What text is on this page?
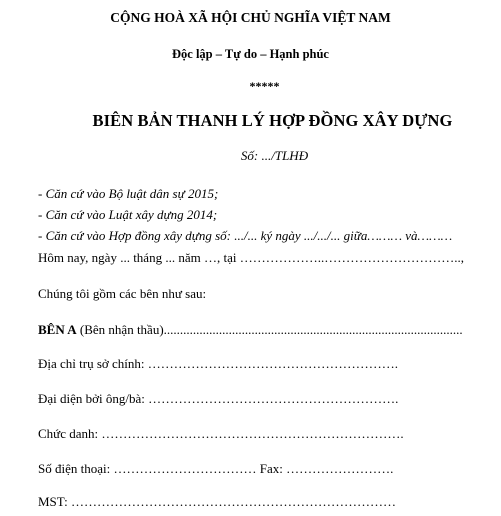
CỘNG HOÀ XÃ HỘI CHỦ NGHĨA VIỆT NAM
Độc lập – Tự do – Hạnh phúc
*****
BIÊN BẢN THANH LÝ HỢP ĐỒNG XÂY DỰNG
Số: .../TLHĐ
- Căn cứ vào Bộ luật dân sự 2015;
- Căn cứ vào Luật xây dựng 2014;
- Căn cứ vào Hợp đồng xây dựng số: .../... ký ngày .../.../... giữa……… và………
Hôm nay, ngày ... tháng ... năm …, tại ………………..…………………………..,
Chúng tôi gồm các bên như sau:
BÊN A (Bên nhận thầu)............................................................................................
Địa chỉ trụ sở chính: ………………………………………………….
Đại diện bởi ông/bà: ………………………………………………….
Chức danh: …………………………………………………………….
Số điện thoại: …………………………… Fax: …………………….
MST: …………………………………………………………………
